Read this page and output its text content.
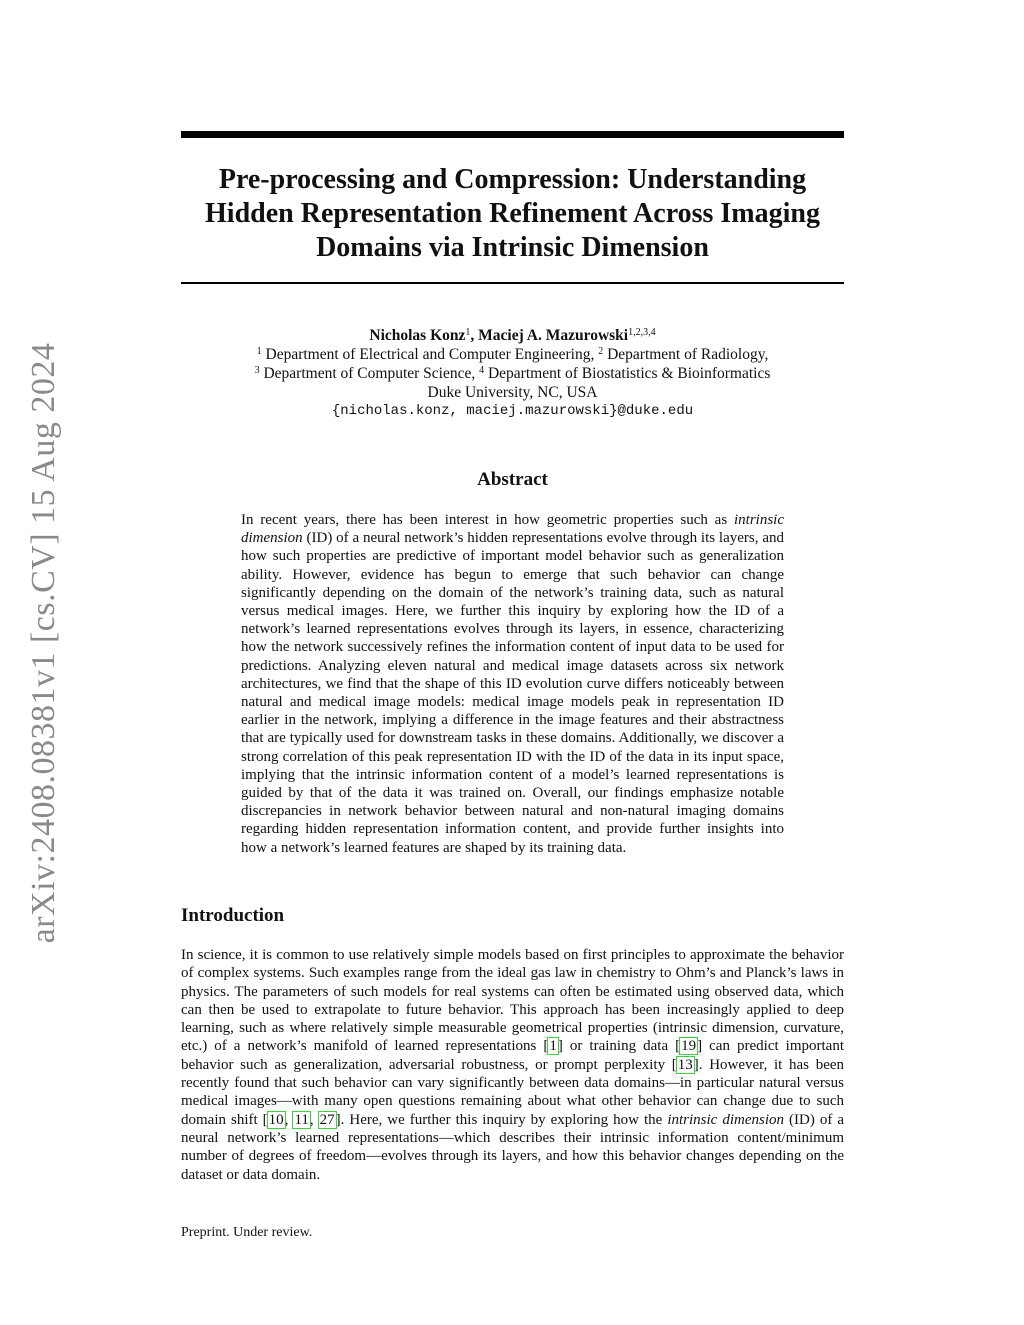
arXiv:2408.08381v1 [cs.CV] 15 Aug 2024
Pre-processing and Compression: Understanding Hidden Representation Refinement Across Imaging Domains via Intrinsic Dimension
Nicholas Konz$^1$, Maciej A. Mazurowski$^{1,2,3,4}$
$^1$ Department of Electrical and Computer Engineering, $^2$ Department of Radiology,
$^3$ Department of Computer Science, $^4$ Department of Biostatistics & Bioinformatics
Duke University, NC, USA
{nicholas.konz, maciej.mazurowski}@duke.edu
Abstract

In recent years, there has been interest in how geometric properties such as intrinsic dimension (ID) of a neural network’s hidden representations evolve through its layers, and how such properties are predictive of important model behavior such as generalization ability. However, evidence has begun to emerge that such behavior can change significantly depending on the domain of the network’s training data, such as natural versus medical images. Here, we further this inquiry by exploring how the ID of a network’s learned representations evolves through its layers, in essence, characterizing how the network successively refines the information content of input data to be used for predictions. Analyzing eleven natural and medical image datasets across six network architectures, we find that the shape of this ID evolution curve differs noticeably between natural and medical image models: medical image models peak in representation ID earlier in the network, implying a difference in the image features and their abstractness that are typically used for downstream tasks in these domains. Additionally, we discover a strong correlation of this peak representation ID with the ID of the data in its input space, implying that the intrinsic information content of a model’s learned representations is guided by that of the data it was trained on. Overall, our findings emphasize notable discrepancies in network behavior between natural and non-natural imaging domains regarding hidden representation information content, and provide further insights into how a network’s learned features are shaped by its training data.

Introduction

In science, it is common to use relatively simple models based on first principles to approximate the behavior of complex systems. Such examples range from the ideal gas law in chemistry to Ohm’s and Planck’s laws in physics. The parameters of such models for real systems can often be estimated using observed data, which can then be used to extrapolate to future behavior. This approach has been increasingly applied to deep learning, such as where relatively simple measurable geometrical properties (intrinsic dimension, curvature, etc.) of a network’s manifold of learned representations [1] or training data [19] can predict important behavior such as generalization, adversarial robustness, or prompt perplexity [13]. However, it has been recently found that such behavior can vary significantly between data domains—in particular natural versus medical images—with many open questions remaining about what other behavior can change due to such domain shift [10, 11, 27]. Here, we further this inquiry by exploring how the intrinsic dimension (ID) of a neural network’s learned representations—which describes their intrinsic information content/minimum number of degrees of freedom—evolves through its layers, and how this behavior changes depending on the dataset or data domain.

Preprint. Under review.
